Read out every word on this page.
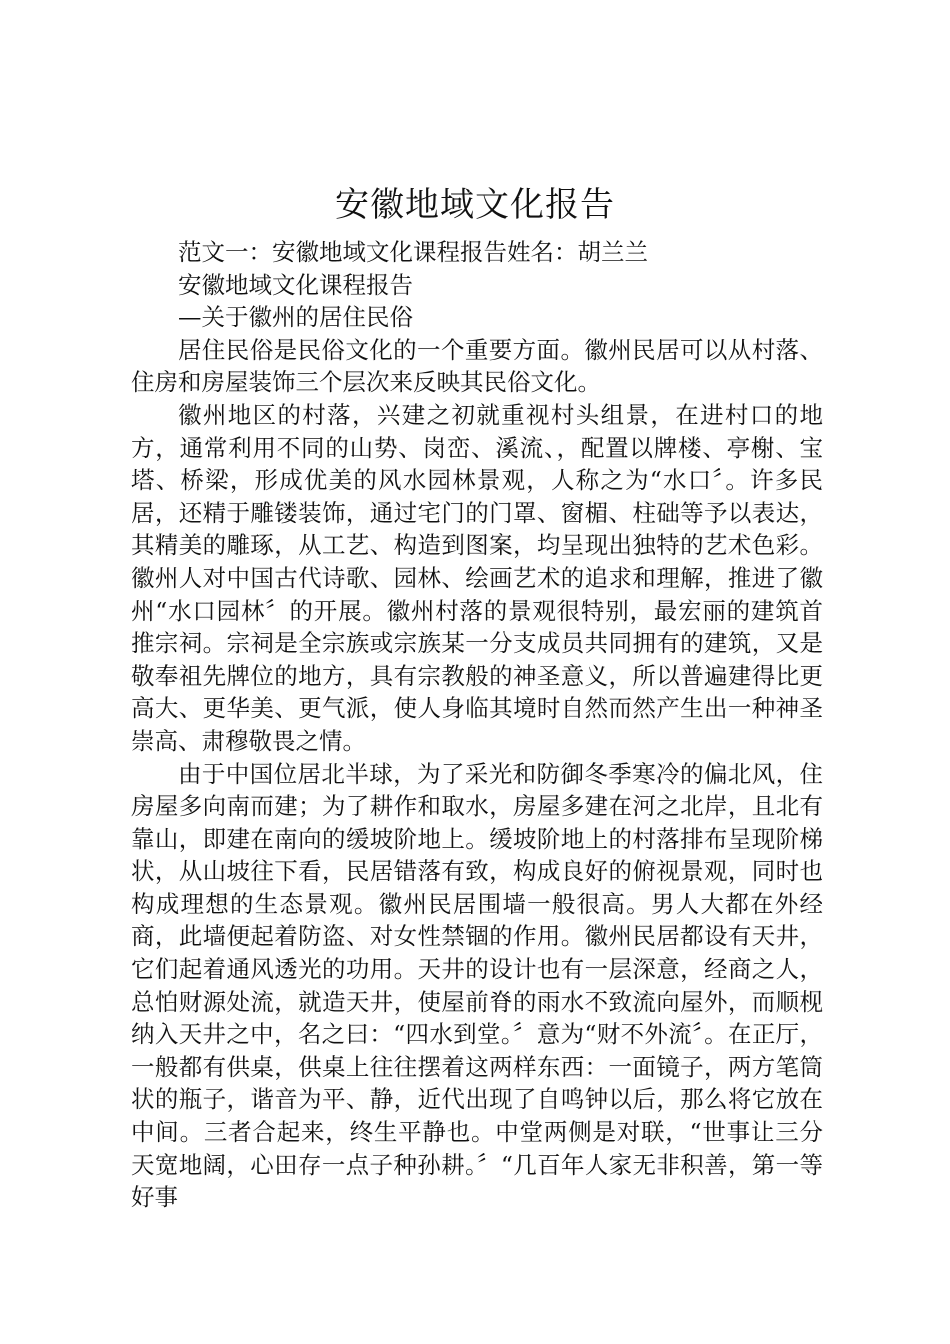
安徽地域文化报告

范文一：安徽地域文化课程报告姓名：胡兰兰

安徽地域文化课程报告

—关于徽州的居住民俗

居住民俗是民俗文化的一个重要方面。徽州民居可以从村落、住房和房屋装饰三个层次来反映其民俗文化。

徽州地区的村落，兴建之初就重视村头组景，在进村口的地方，通常利用不同的山势、岗峦、溪流、，配置以牌楼、亭榭、宝塔、桥梁，形成优美的风水园林景观，人称之为“水口〞。许多民居，还精于雕镂装饰，通过宅门的门罩、窗楣、柱础等予以表达，其精美的雕琢，从工艺、构造到图案，均呈现出独特的艺术色彩。徽州人对中国古代诗歌、园林、绘画艺术的追求和理解，推进了徽州“水口园林〞的开展。徽州村落的景观很特别，最宏丽的建筑首推宗祠。宗祠是全宗族或宗族某一分支成员共同拥有的建筑，又是敬奉祖先牌位的地方，具有宗教般的神圣意义，所以普遍建得比更高大、更华美、更气派，使人身临其境时自然而然产生出一种神圣崇高、肃穆敬畏之情。

由于中国位居北半球，为了采光和防御冬季寒冷的偏北风，住房屋多向南而建；为了耕作和取水，房屋多建在河之北岸，且北有靠山，即建在南向的缓坡阶地上。缓坡阶地上的村落排布呈现阶梯状，从山坡往下看，民居错落有致，构成良好的俯视景观，同时也构成理想的生态景观。徽州民居围墙一般很高。男人大都在外经商，此墙便起着防盗、对女性禁锢的作用。徽州民居都设有天井，它们起着通风透光的功用。天井的设计也有一层深意，经商之人，总怕财源处流，就造天井，使屋前脊的雨水不致流向屋外，而顺枧纳入天井之中，名之曰：“四水到堂。〞意为“财不外流〞。在正厅，一般都有供桌，供桌上往往摆着这两样东西：一面镜子，两方笔筒状的瓶子，谐音为平、静，近代出现了自鸣钟以后，那么将它放在中间。三者合起来，终生平静也。中堂两侧是对联，“世事让三分天宽地阔，心田存一点子种孙耕。〞“几百年人家无非积善，第一等好事
